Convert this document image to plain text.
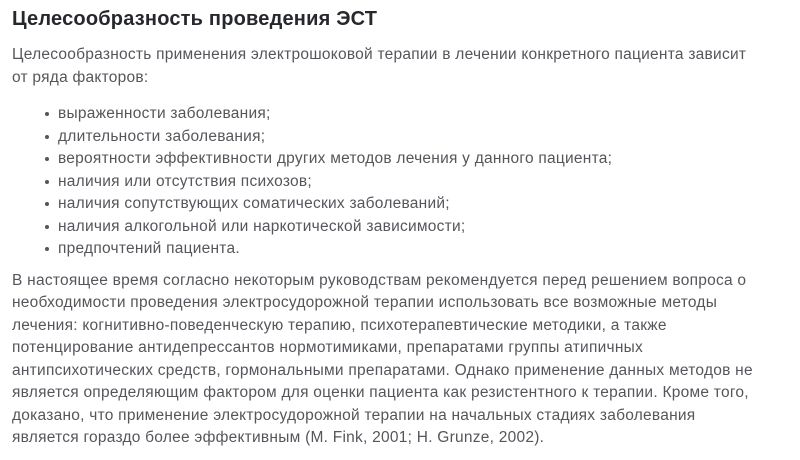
Целесообразность проведения ЭСТ

Целесообразность применения электрошоковой терапии в лечении конкретного пациента зависит от ряда факторов:

выраженности заболевания;
длительности заболевания;
вероятности эффективности других методов лечения у данного пациента;
наличия или отсутствия психозов;
наличия сопутствующих соматических заболеваний;
наличия алкогольной или наркотической зависимости;
предпочтений пациента.

В настоящее время согласно некоторым руководствам рекомендуется перед решением вопроса о необходимости проведения электросудорожной терапии использовать все возможные методы лечения: когнитивно-поведенческую терапию, психотерапевтические методики, а также потенцирование антидепрессантов нормотимиками, препаратами группы атипичных антипсихотических средств, гормональными препаратами. Однако применение данных методов не является определяющим фактором для оценки пациента как резистентного к терапии. Кроме того, доказано, что применение электросудорожной терапии на начальных стадиях заболевания является гораздо более эффективным (M. Fink, 2001; H. Grunze, 2002).
